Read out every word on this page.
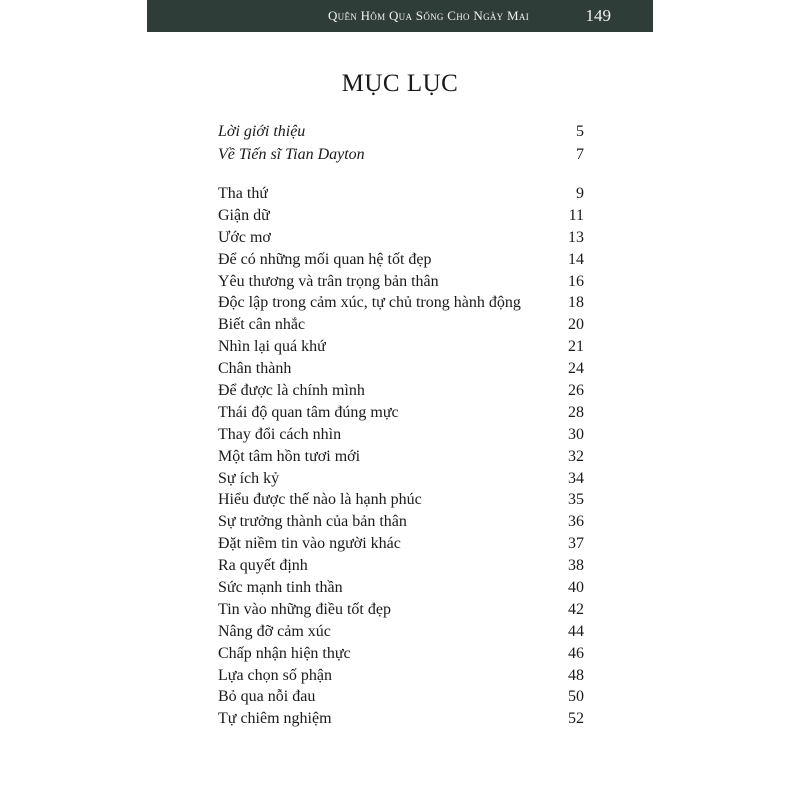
Quên Hôm Qua Sống Cho Ngày Mai	149
MỤC LỤC
Lời giới thiệu	5
Về Tiến sĩ Tian Dayton	7
Tha thứ	9
Giận dữ	11
Ước mơ	13
Để có những mối quan hệ tốt đẹp	14
Yêu thương và trân trọng bản thân	16
Độc lập trong cảm xúc, tự chủ trong hành động	18
Biết cân nhắc	20
Nhìn lại quá khứ	21
Chân thành	24
Để được là chính mình	26
Thái độ quan tâm đúng mực	28
Thay đổi cách nhìn	30
Một tâm hồn tươi mới	32
Sự ích kỷ	34
Hiểu được thế nào là hạnh phúc	35
Sự trưởng thành của bản thân	36
Đặt niềm tin vào người khác	37
Ra quyết định	38
Sức mạnh tinh thần	40
Tin vào những điều tốt đẹp	42
Nâng đỡ cảm xúc	44
Chấp nhận hiện thực	46
Lựa chọn số phận	48
Bỏ qua nỗi đau	50
Tự chiêm nghiệm	52
